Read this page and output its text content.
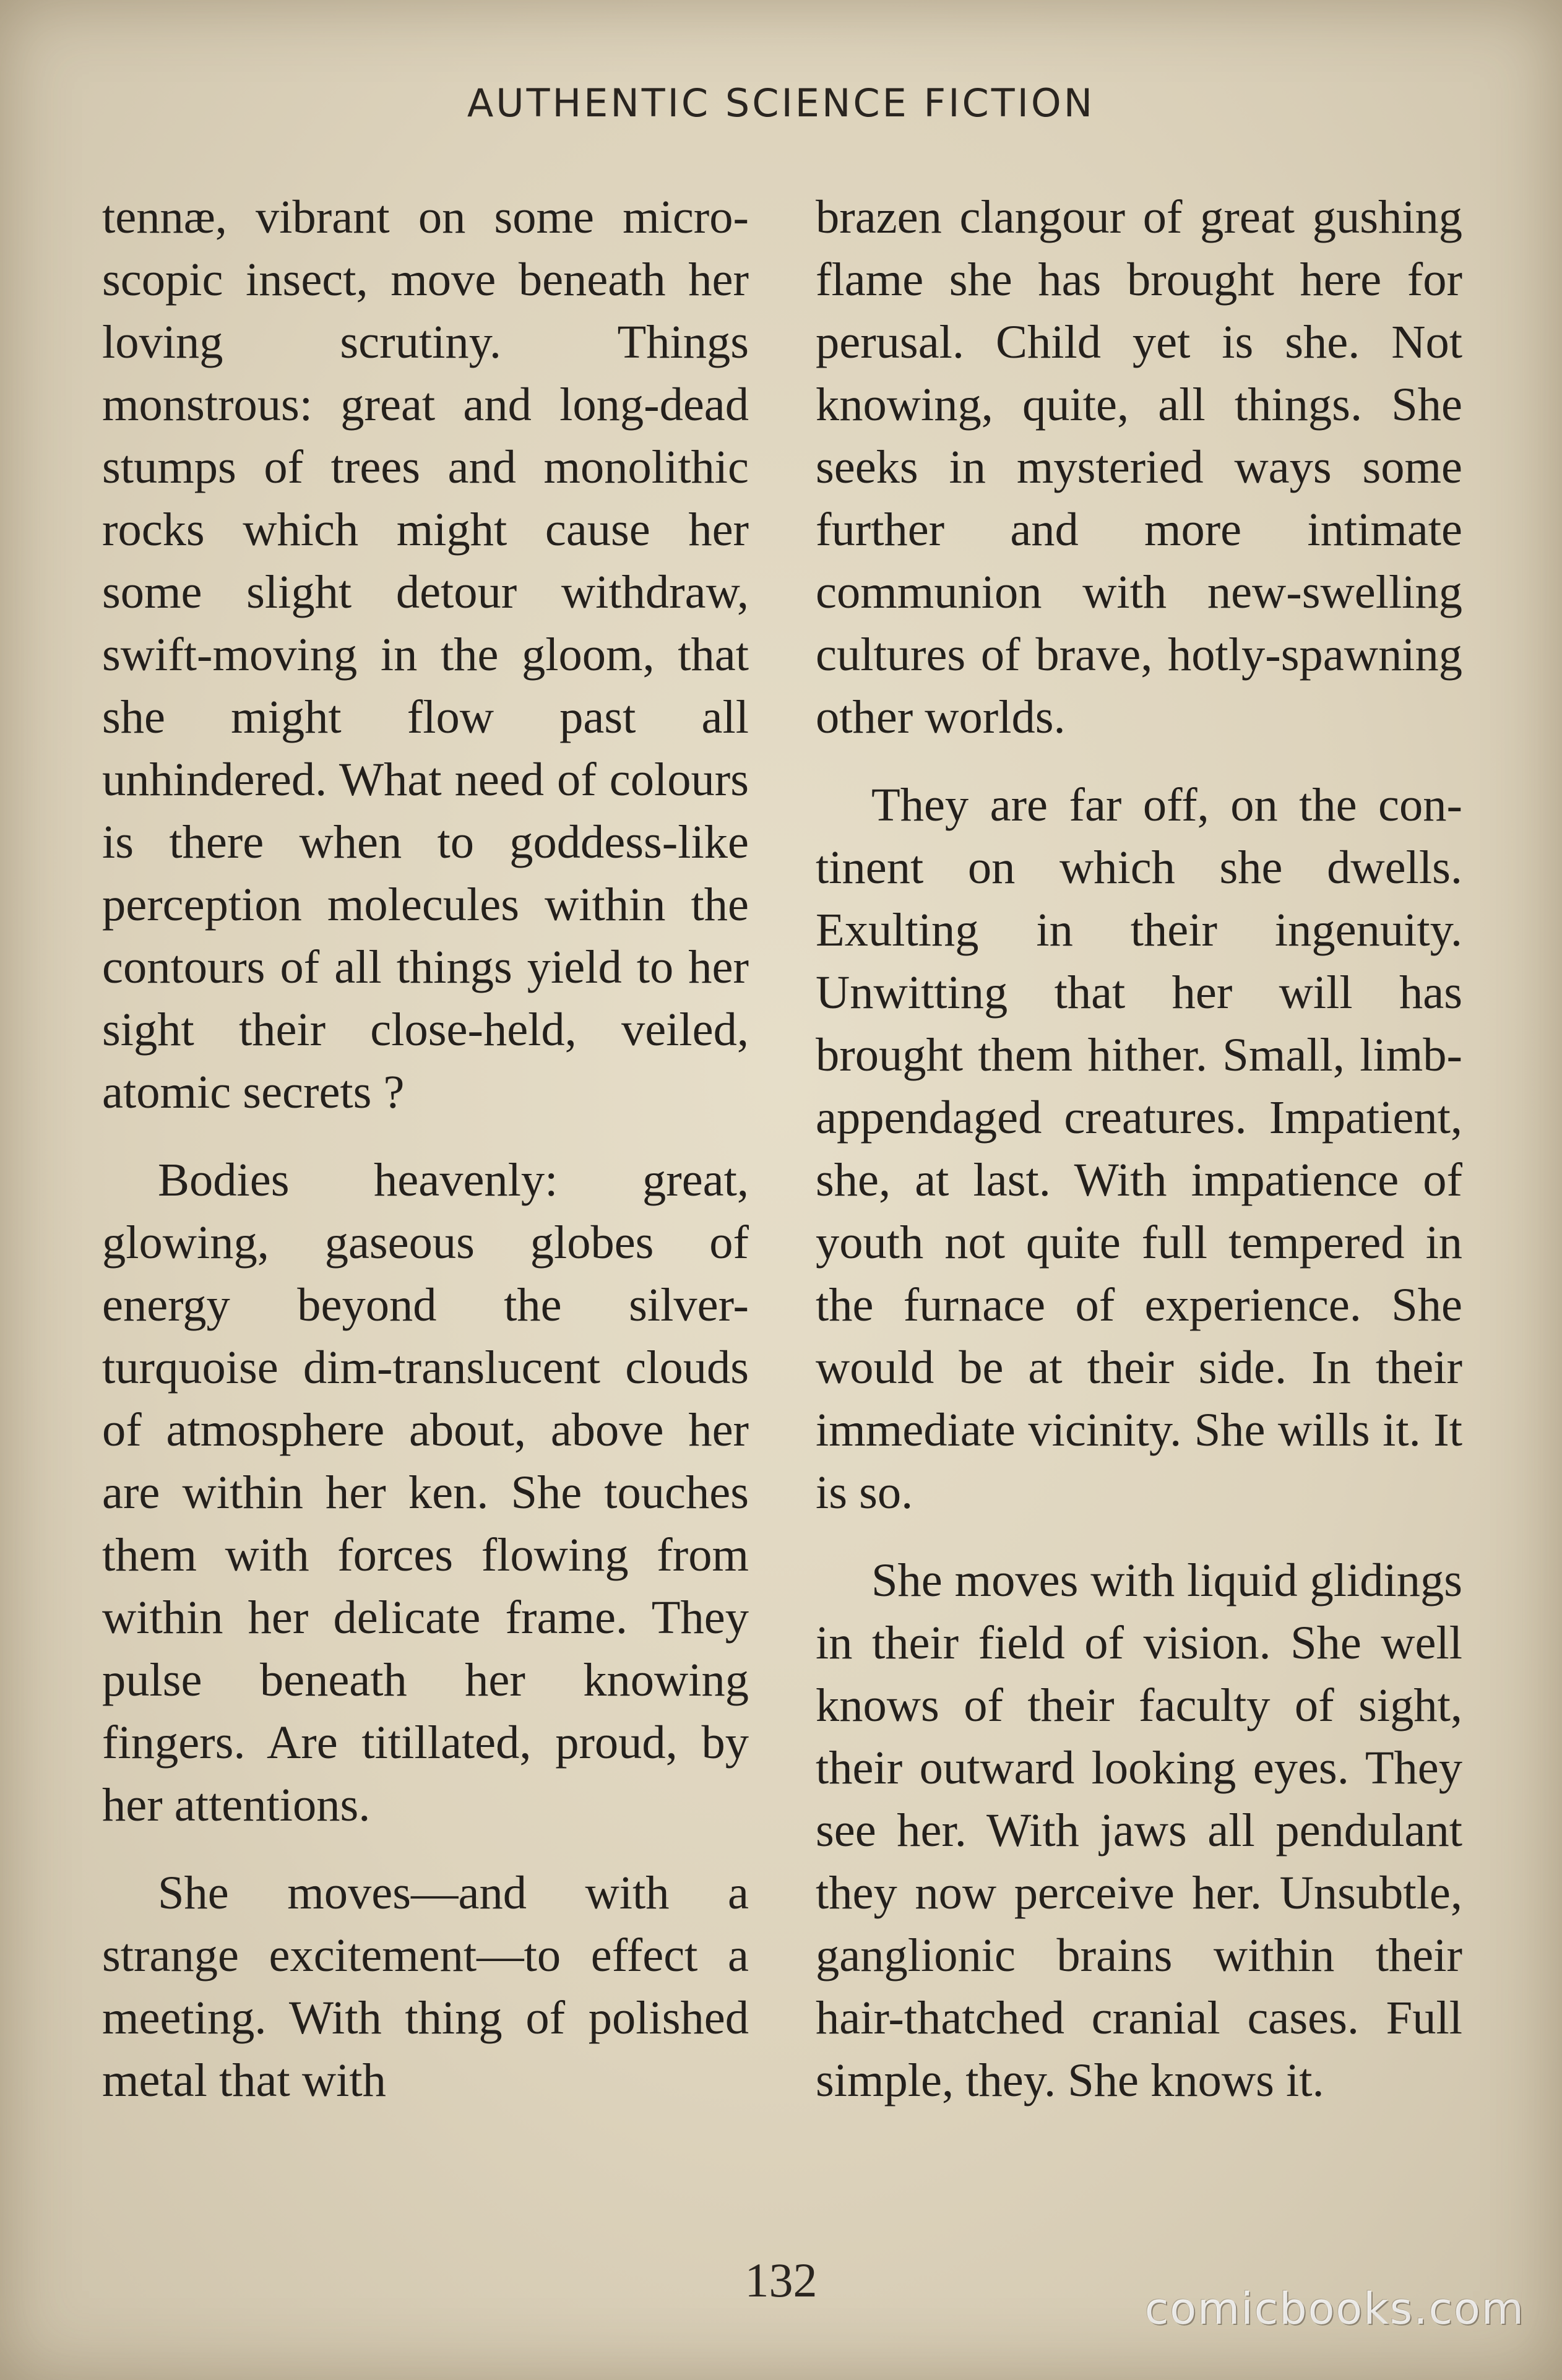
AUTHENTIC SCIENCE FICTION

tennæ, vibrant on some microscopic insect, move beneath her loving scrutiny. Things monstrous: great and long-dead stumps of trees and monolithic rocks which might cause her some slight detour withdraw, swift-moving in the gloom, that she might flow past all unhindered. What need of colours is there when to goddess-like perception molecules within the contours of all things yield to her sight their close-held, veiled, atomic secrets ?

Bodies heavenly: great, glowing, gaseous globes of energy beyond the silver-turquoise dim-translucent clouds of atmosphere about, above her are within her ken. She touches them with forces flowing from within her delicate frame. They pulse beneath her knowing fingers. Are titillated, proud, by her attentions.

She moves—and with a strange excitement—to effect a meeting. With thing of polished metal that with

brazen clangour of great gushing flame she has brought here for perusal. Child yet is she. Not knowing, quite, all things. She seeks in mysteried ways some further and more intimate communion with new-swelling cultures of brave, hotly-spawning other worlds.

They are far off, on the continent on which she dwells. Exulting in their ingenuity. Unwitting that her will has brought them hither. Small, limb-appendaged creatures. Impatient, she, at last. With impatience of youth not quite full tempered in the furnace of experience. She would be at their side. In their immediate vicinity. She wills it. It is so.

She moves with liquid glidings in their field of vision. She well knows of their faculty of sight, their outward looking eyes. They see her. With jaws all pendulant they now perceive her. Unsubtle, ganglionic brains within their hair-thatched cranial cases. Full simple, they. She knows it.

132
comicbooks.com
